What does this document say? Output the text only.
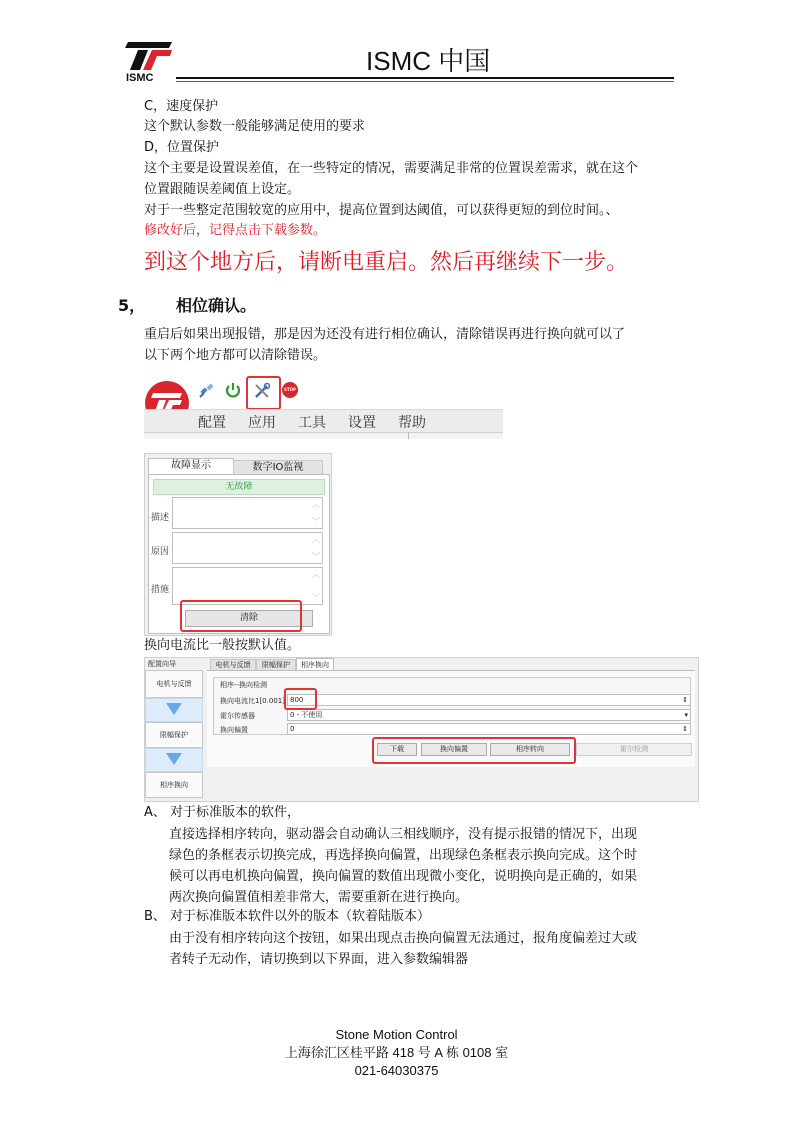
ISMC
ISMC 中国
C，速度保护
这个默认参数一般能够满足使用的要求
D，位置保护
这个主要是设置误差值，在一些特定的情况，需要满足非常的位置误差需求，就在这个
位置跟随误差阈值上设定。
对于一些整定范围较宽的应用中，提高位置到达阈值，可以获得更短的到位时间。、
修改好后，记得点击下载参数。
到这个地方后，请断电重启。然后再继续下一步。
5， 相位确认。
重启后如果出现报错，那是因为还没有进行相位确认，清除错误再进行换向就可以了
以下两个地方都可以清除错误。
STOP
配置 应用 工具 设置 帮助
故障显示	数字IO监视
无故障
描述
︿
﹀
原因
︿
﹀
措施
︿
﹀
清除
换向电流比一般按默认值。
配置向导
电机与反馈
限幅保护
相序换向
电机与反馈	限幅保护	相序换向
相序--换向检测
换向电流比1[0.001] 800	⇕
霍尔传感器	0 - 不使用	▾
换向偏置	0	⇕
下载	换向偏置	相序转向	霍尔检测
A、 对于标准版本的软件，
直接选择相序转向，驱动器会自动确认三相线顺序，没有提示报错的情况下，出现
绿色的条框表示切换完成，再选择换向偏置，出现绿色条框表示换向完成。这个时
候可以再电机换向偏置，换向偏置的数值出现微小变化，说明换向是正确的，如果
两次换向偏置值相差非常大，需要重新在进行换向。
B、 对于标准版本软件以外的版本（软着陆版本）
由于没有相序转向这个按钮，如果出现点击换向偏置无法通过，报角度偏差过大或
者转子无动作，请切换到以下界面，进入参数编辑器
Stone Motion Control
上海徐汇区桂平路 418 号 A 栋 0108 室
021-64030375
